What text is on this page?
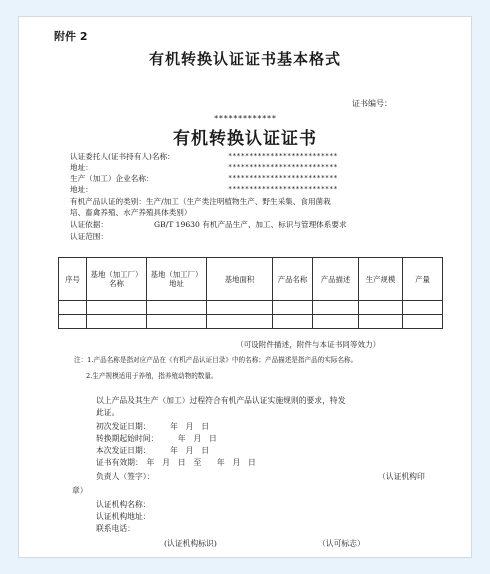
附件 2
有机转换认证证书基本格式
证书编号：
*************
有机转换认证证书
认证委托人(证书持有人)名称：	**************************
地址：	**************************
生产（加工）企业名称：	**************************
地址：	**************************
有机产品认证的类别：生产/加工（生产类注明植物生产、野生采集、食用菌栽
培、畜禽养殖、水产养殖具体类别）
认证依据：	GB/T 19630 有机产品生产、加工、标识与管理体系要求
认证范围：
序号	基地（加工厂）名称	基地（加工厂）地址	基地面积	产品名称	产品描述	生产规模	产量

（可设附件描述，附件与本证书同等效力）
注：1.产品名称是指对应产品在《有机产品认证目录》中的名称；产品描述是指产品的实际名称。
2.生产规模适用于养殖，指养殖动物的数量。
以上产品及其生产（加工）过程符合有机产品认证实施规则的要求，特发
此证。
初次发证日期：　　　年　月　日
转换期起始时间：　　　年　月　日
本次发证日期：　　　年　月　日
证书有效期：　年　月　日　至　　年　月　日
负责人（签字）：	（认证机构印
章）
认证机构名称：
认证机构地址：
联系电话：
(认证机构标识)	（认可标志）
